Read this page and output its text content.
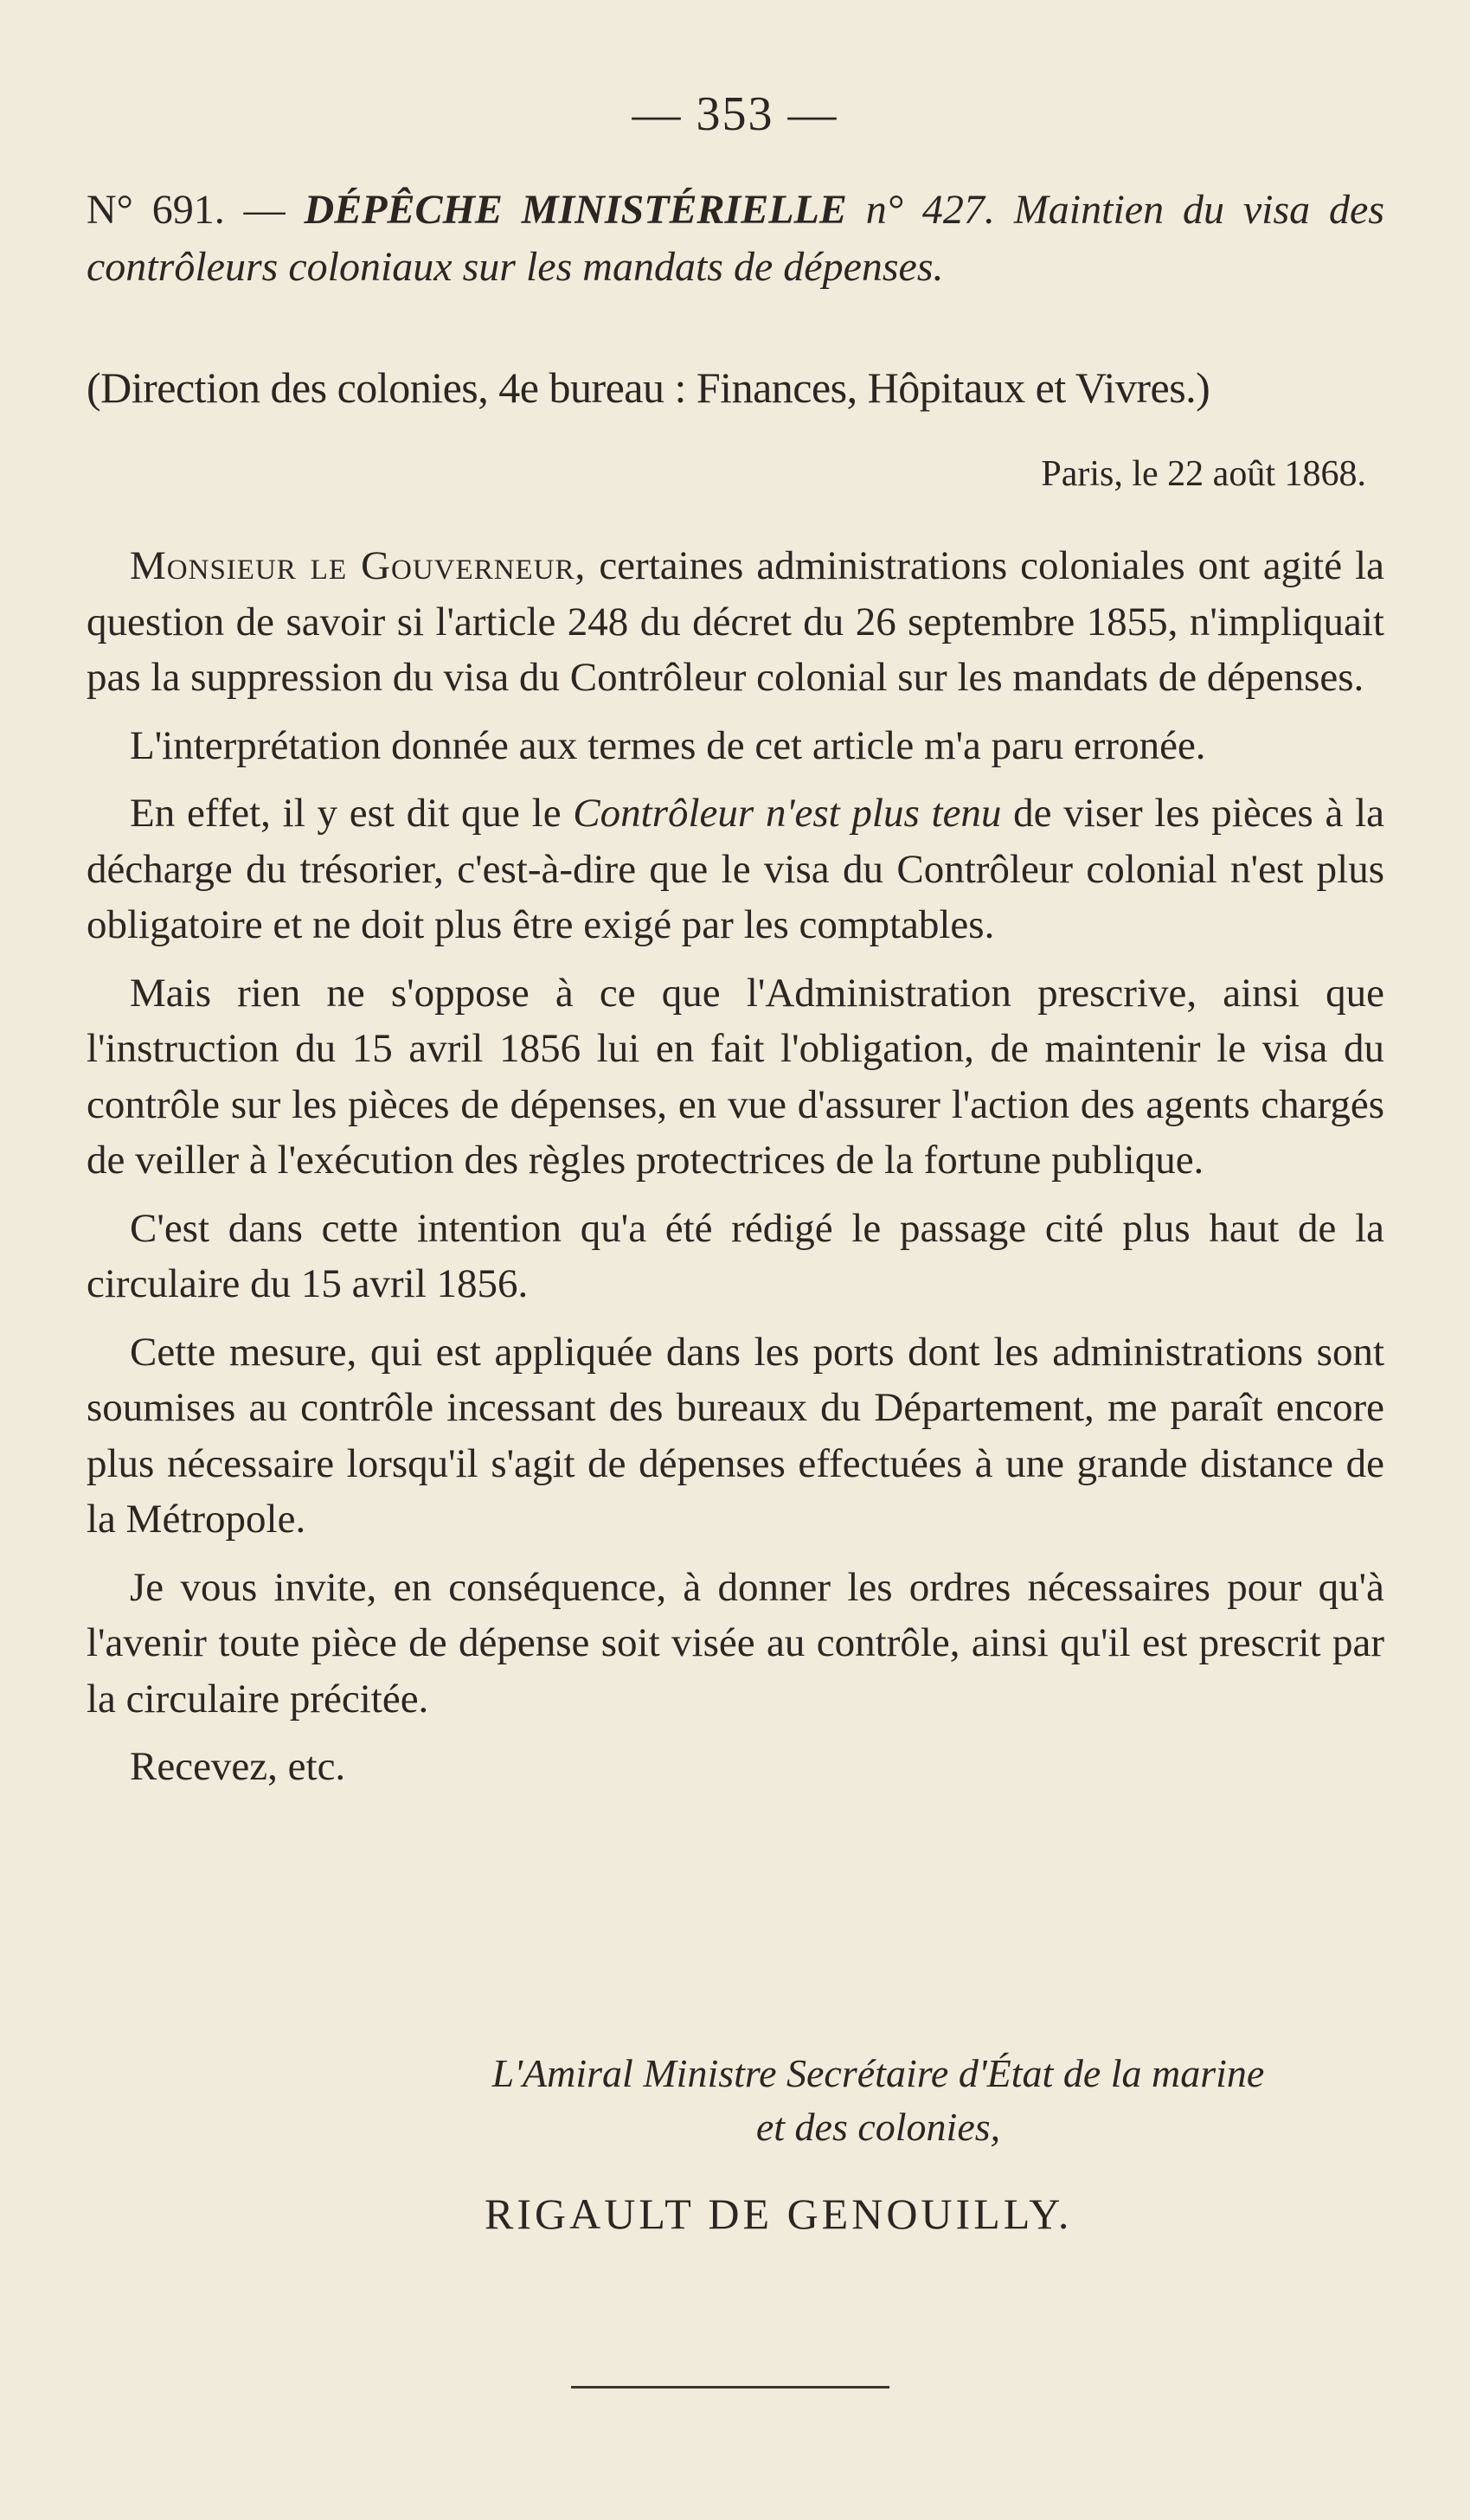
— 353 —
N° 691. — DÉPÊCHE MINISTÉRIELLE n° 427. Maintien du visa des contrôleurs coloniaux sur les mandats de dépenses.
(Direction des colonies, 4e bureau : Finances, Hôpitaux et Vivres.)
Paris, le 22 août 1868.

Monsieur le Gouverneur, certaines administrations coloniales ont agité la question de savoir si l'article 248 du décret du 26 septembre 1855, n'impliquait pas la suppression du visa du Contrôleur colonial sur les mandats de dépenses.

L'interprétation donnée aux termes de cet article m'a paru erronée.

En effet, il y est dit que le Contrôleur n'est plus tenu de viser les pièces à la décharge du trésorier, c'est-à-dire que le visa du Contrôleur colonial n'est plus obligatoire et ne doit plus être exigé par les comptables.

Mais rien ne s'oppose à ce que l'Administration prescrive, ainsi que l'instruction du 15 avril 1856 lui en fait l'obligation, de maintenir le visa du contrôle sur les pièces de dépenses, en vue d'assurer l'action des agents chargés de veiller à l'exécution des règles protectrices de la fortune publique.

C'est dans cette intention qu'a été rédigé le passage cité plus haut de la circulaire du 15 avril 1856.

Cette mesure, qui est appliquée dans les ports dont les administrations sont soumises au contrôle incessant des bureaux du Département, me paraît encore plus nécessaire lorsqu'il s'agit de dépenses effectuées à une grande distance de la Métropole.

Je vous invite, en conséquence, à donner les ordres nécessaires pour qu'à l'avenir toute pièce de dépense soit visée au contrôle, ainsi qu'il est prescrit par la circulaire précitée.

Recevez, etc.

L'Amiral Ministre Secrétaire d'État de la marine
et des colonies,
RIGAULT DE GENOUILLY.
